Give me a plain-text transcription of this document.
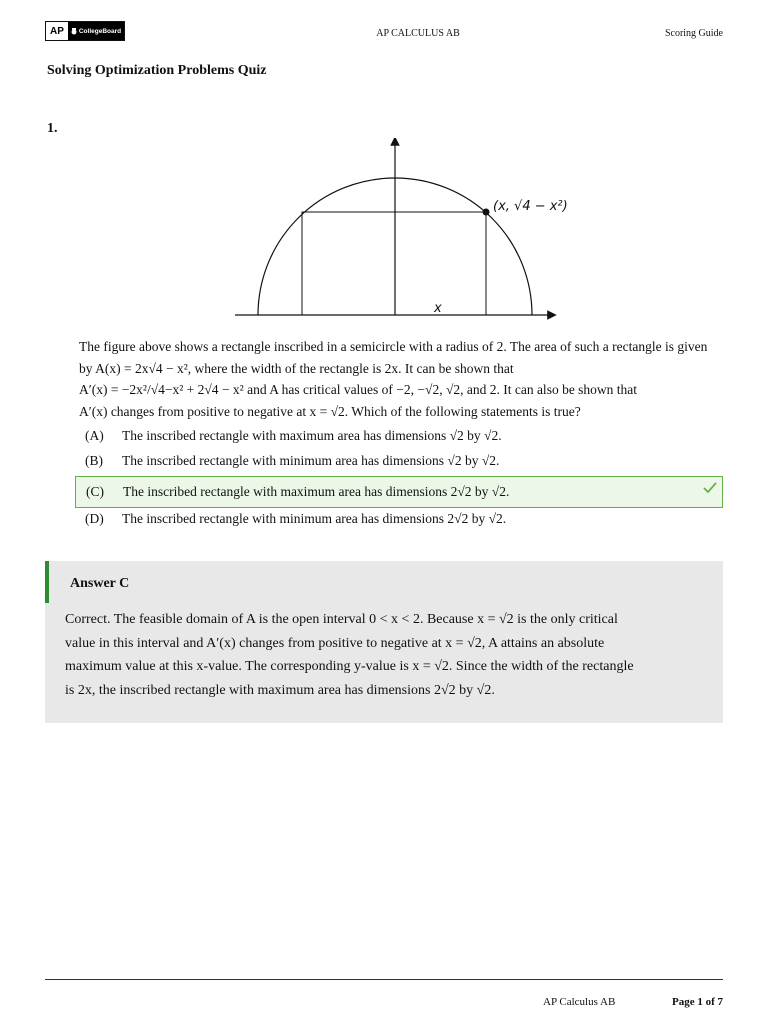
AP	CollegeBoard	AP CALCULUS AB	Scoring Guide
Solving Optimization Problems Quiz
1.
(x, √4 − x²)
x
The figure above shows a rectangle inscribed in a semicircle with a radius of 2. The area of such a rectangle is given
by A(x) = 2x√4 − x², where the width of the rectangle is 2x. It can be shown that
A′(x) = −2x²/√4−x² + 2√4 − x² and A has critical values of −2, −√2, √2, and 2. It can also be shown that
A′(x) changes from positive to negative at x = √2. Which of the following statements is true?
(A)	The inscribed rectangle with maximum area has dimensions √2 by √2.
(B)	The inscribed rectangle with minimum area has dimensions √2 by √2.
(C)	The inscribed rectangle with maximum area has dimensions 2√2 by √2.
(D)	The inscribed rectangle with minimum area has dimensions 2√2 by √2.
Answer C
Correct. The feasible domain of A is the open interval 0 < x < 2. Because x = √2 is the only critical
value in this interval and A′(x) changes from positive to negative at x = √2, A attains an absolute
maximum value at this x-value. The corresponding y-value is x = √2. Since the width of the rectangle
is 2x, the inscribed rectangle with maximum area has dimensions 2√2 by √2.
AP Calculus AB	Page 1 of 7
